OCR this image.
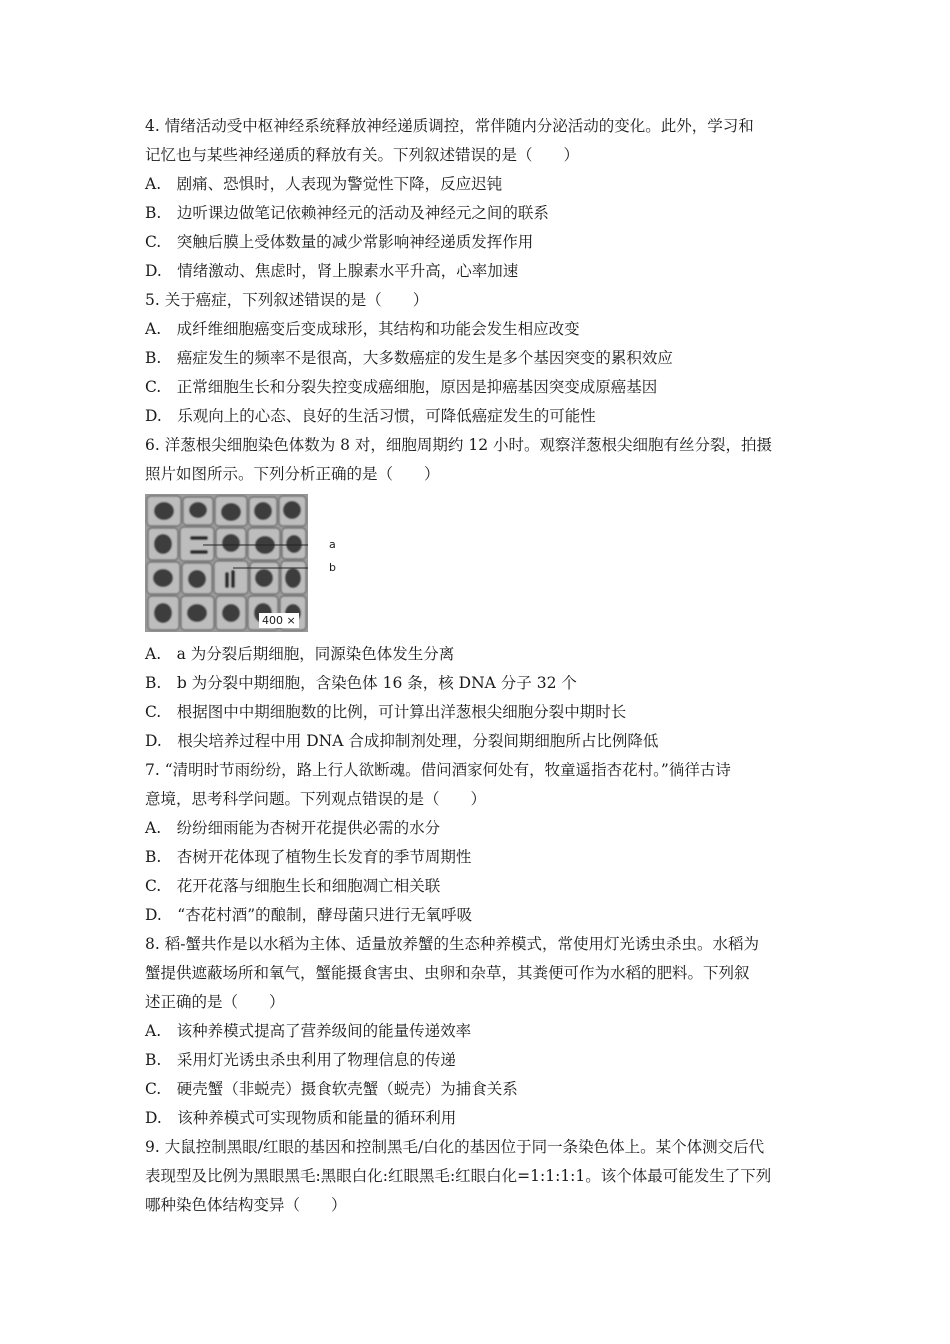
4. 情绪活动受中枢神经系统释放神经递质调控，常伴随内分泌活动的变化。此外，学习和
记忆也与某些神经递质的释放有关。下列叙述错误的是（　　）
A.　剧痛、恐惧时，人表现为警觉性下降，反应迟钝
B.　边听课边做笔记依赖神经元的活动及神经元之间的联系
C.　突触后膜上受体数量的减少常影响神经递质发挥作用
D.　情绪激动、焦虑时，肾上腺素水平升高，心率加速
5. 关于癌症，下列叙述错误的是（　　）
A.　成纤维细胞癌变后变成球形，其结构和功能会发生相应改变
B.　癌症发生的频率不是很高，大多数癌症的发生是多个基因突变的累积效应
C.　正常细胞生长和分裂失控变成癌细胞，原因是抑癌基因突变成原癌基因
D.　乐观向上的心态、良好的生活习惯，可降低癌症发生的可能性
6. 洋葱根尖细胞染色体数为 8 对，细胞周期约 12 小时。观察洋葱根尖细胞有丝分裂，拍摄
照片如图所示。下列分析正确的是（　　）
a
b
400 ×
A.　a 为分裂后期细胞，同源染色体发生分离
B.　b 为分裂中期细胞，含染色体 16 条，核 DNA 分子 32 个
C.　根据图中中期细胞数的比例，可计算出洋葱根尖细胞分裂中期时长
D.　根尖培养过程中用 DNA 合成抑制剂处理，分裂间期细胞所占比例降低
7. “清明时节雨纷纷，路上行人欲断魂。借问酒家何处有，牧童遥指杏花村。”徜徉古诗
意境，思考科学问题。下列观点错误的是（　　）
A.　纷纷细雨能为杏树开花提供必需的水分
B.　杏树开花体现了植物生长发育的季节周期性
C.　花开花落与细胞生长和细胞凋亡相关联
D.　“杏花村酒”的酿制，酵母菌只进行无氧呼吸
8. 稻-蟹共作是以水稻为主体、适量放养蟹的生态种养模式，常使用灯光诱虫杀虫。水稻为
蟹提供遮蔽场所和氧气，蟹能摄食害虫、虫卵和杂草，其粪便可作为水稻的肥料。下列叙
述正确的是（　　）
A.　该种养模式提高了营养级间的能量传递效率
B.　采用灯光诱虫杀虫利用了物理信息的传递
C.　硬壳蟹（非蜕壳）摄食软壳蟹（蜕壳）为捕食关系
D.　该种养模式可实现物质和能量的循环利用
9. 大鼠控制黑眼/红眼的基因和控制黑毛/白化的基因位于同一条染色体上。某个体测交后代
表现型及比例为黑眼黑毛:黑眼白化:红眼黑毛:红眼白化=1:1:1:1。该个体最可能发生了下列
哪种染色体结构变异（　　）
